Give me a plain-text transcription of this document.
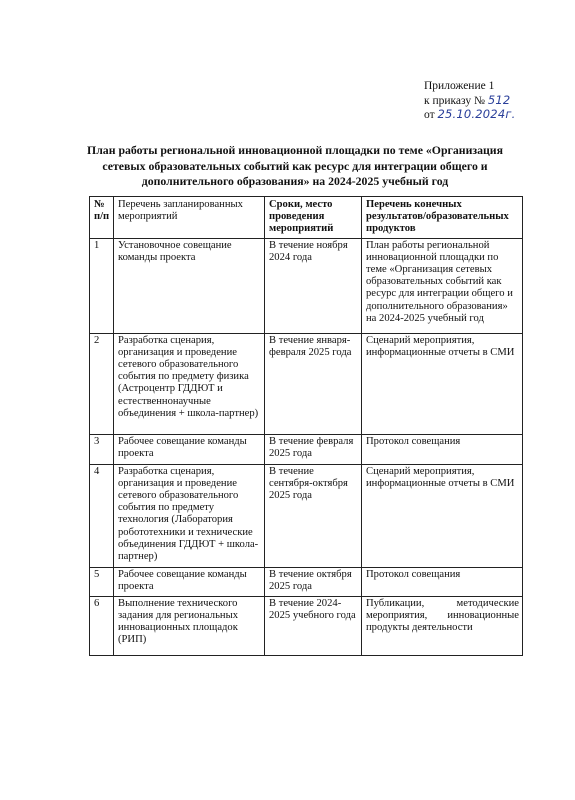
Приложение 1
к приказу № 512
от 25.10.2024г.
План работы региональной инновационной площадки по теме «Организация
сетевых образовательных событий как ресурс для интеграции общего и
дополнительного образования» на 2024-2025 учебный год
№ п/п	Перечень запланированных мероприятий	Сроки, место проведения мероприятий	Перечень конечных результатов/образовательных продуктов
1	Установочное совещание команды проекта	В течение ноября 2024 года	План работы региональной инновационной площадки по теме «Организация сетевых образовательных событий как ресурс для интеграции общего и дополнительного образования» на 2024-2025 учебный год
2	Разработка сценария, организация и проведение сетевого образовательного события по предмету физика (Астроцентр ГДДЮТ и естественнонаучные объединения + школа-партнер)	В течение января-февраля 2025 года	Сценарий мероприятия, информационные отчеты в СМИ
3	Рабочее совещание команды проекта	В течение февраля 2025 года	Протокол совещания
4	Разработка сценария, организация и проведение сетевого образовательного события по предмету технология (Лаборатория робототехники и технические объединения ГДДЮТ + школа-партнер)	В течение сентября-октября 2025 года	Сценарий мероприятия, информационные отчеты в СМИ
5	Рабочее совещание команды проекта	В течение октября 2025 года	Протокол совещания
6	Выполнение технического задания для региональных инновационных площадок (РИП)	В течение 2024-2025 учебного года	Публикации, методические мероприятия, инновационные продукты деятельности
